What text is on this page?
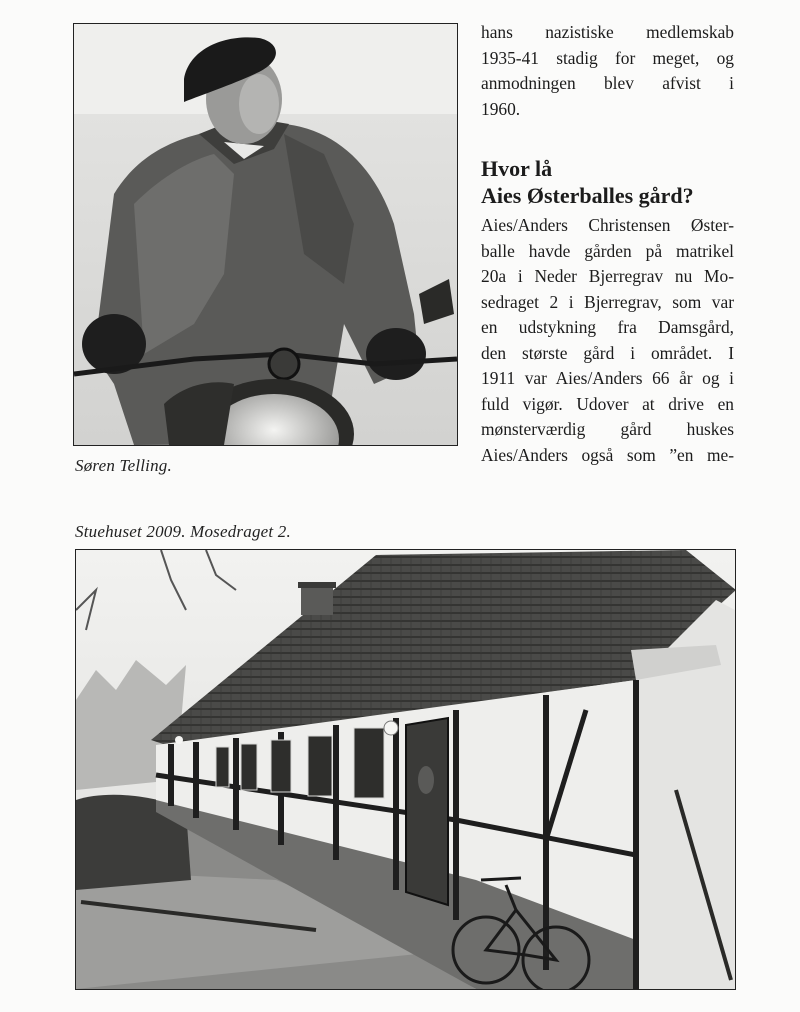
Søren Telling.
hans nazistiske medlemskab
1935-41 stadig for meget, og
anmodningen blev afvist i
1960.
Hvor lå
Aies Østerballes gård?
Aies/Anders Christensen Øster-
balle havde gården på matrikel
20a i Neder Bjerregrav nu Mo-
sedraget 2 i Bjerregrav, som var
en udstykning fra Damsgård,
den største gård i området. I
1911 var Aies/Anders 66 år og i
fuld vigør. Udover at drive en
mønsterværdig gård huskes
Aies/Anders også som ”en me-
Stuehuset 2009. Mosedraget 2.
